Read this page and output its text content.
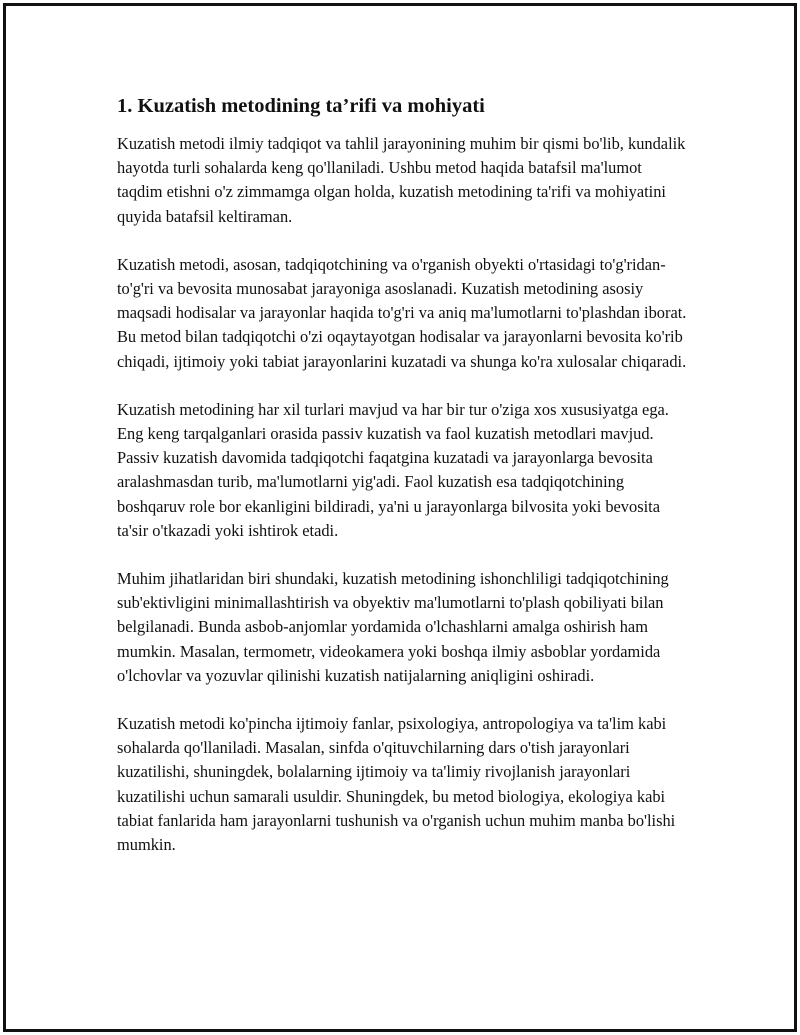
1. Kuzatish metodining ta’rifi va mohiyati

Kuzatish metodi ilmiy tadqiqot va tahlil jarayonining muhim bir qismi bo'lib, kundalik hayotda turli sohalarda keng qo'llaniladi. Ushbu metod haqida batafsil ma'lumot taqdim etishni o'z zimmamga olgan holda, kuzatish metodining ta'rifi va mohiyatini quyida batafsil keltiraman.

Kuzatish metodi, asosan, tadqiqotchining va o'rganish obyekti o'rtasidagi to'g'ridan-to'g'ri va bevosita munosabat jarayoniga asoslanadi. Kuzatish metodining asosiy maqsadi hodisalar va jarayonlar haqida to'g'ri va aniq ma'lumotlarni to'plashdan iborat. Bu metod bilan tadqiqotchi o'zi oqaytayotgan hodisalar va jarayonlarni bevosita ko'rib chiqadi, ijtimoiy yoki tabiat jarayonlarini kuzatadi va shunga ko'ra xulosalar chiqaradi.

Kuzatish metodining har xil turlari mavjud va har bir tur o'ziga xos xususiyatga ega. Eng keng tarqalganlari orasida passiv kuzatish va faol kuzatish metodlari mavjud. Passiv kuzatish davomida tadqiqotchi faqatgina kuzatadi va jarayonlarga bevosita aralashmasdan turib, ma'lumotlarni yig'adi. Faol kuzatish esa tadqiqotchining boshqaruv role bor ekanligini bildiradi, ya'ni u jarayonlarga bilvosita yoki bevosita ta'sir o'tkazadi yoki ishtirok etadi.

Muhim jihatlaridan biri shundaki, kuzatish metodining ishonchliligi tadqiqotchining sub'ektivligini minimallashtirish va obyektiv ma'lumotlarni to'plash qobiliyati bilan belgilanadi. Bunda asbob-anjomlar yordamida o'lchashlarni amalga oshirish ham mumkin. Masalan, termometr, videokamera yoki boshqa ilmiy asboblar yordamida o'lchovlar va yozuvlar qilinishi kuzatish natijalarning aniqligini oshiradi.

Kuzatish metodi ko'pincha ijtimoiy fanlar, psixologiya, antropologiya va ta'lim kabi sohalarda qo'llaniladi. Masalan, sinfda o'qituvchilarning dars o'tish jarayonlari kuzatilishi, shuningdek, bolalarning ijtimoiy va ta'limiy rivojlanish jarayonlari kuzatilishi uchun samarali usuldir. Shuningdek, bu metod biologiya, ekologiya kabi tabiat fanlarida ham jarayonlarni tushunish va o'rganish uchun muhim manba bo'lishi mumkin.
